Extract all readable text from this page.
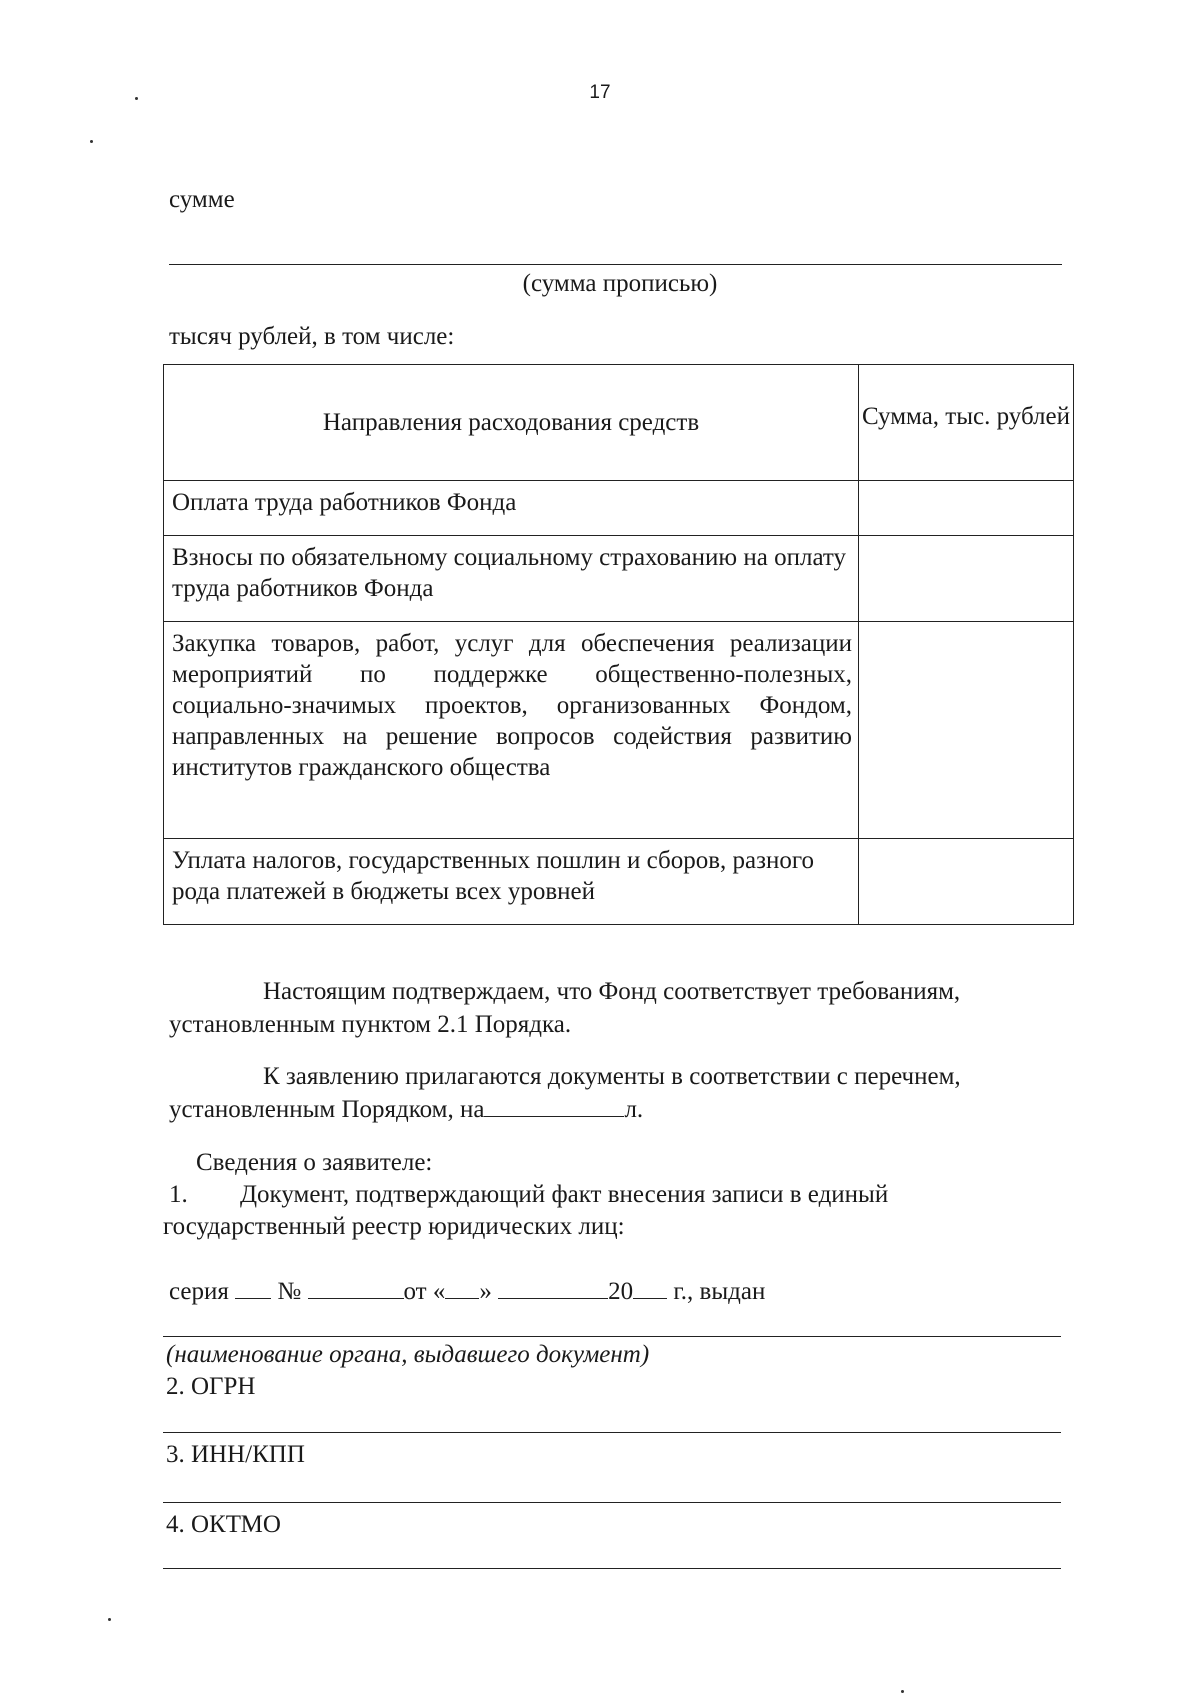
17
сумме
(сумма прописью)
тысяч рублей, в том числе:
Направления расходования средств	Сумма, тыс. рублей

Оплата труда работников Фонда	
Взносы по обязательному социальному страхованию на оплату труда работников Фонда	
Закупка товаров, работ, услуг для обеспечения реализации мероприятий по поддержке общественно-полезных, социально-значимых проектов, организованных Фондом, направленных на решение вопросов содействия развитию институтов гражданского общества	
Уплата налогов, государственных пошлин и сборов, разного рода платежей в бюджеты всех уровней	
Настоящим подтверждаем, что Фонд соответствует требованиям,
установленным пунктом 2.1 Порядка.
К заявлению прилагаются документы в соответствии с перечнем,
установленным Порядком, на	л.
Сведения о заявителе:
1. Документ, подтверждающий факт внесения записи в единый
государственный реестр юридических лиц:
серия №	от « »	20 г., выдан
(наименование органа, выдавшего документ)
2. ОГРН
3. ИНН/КПП
4. ОКТМО
